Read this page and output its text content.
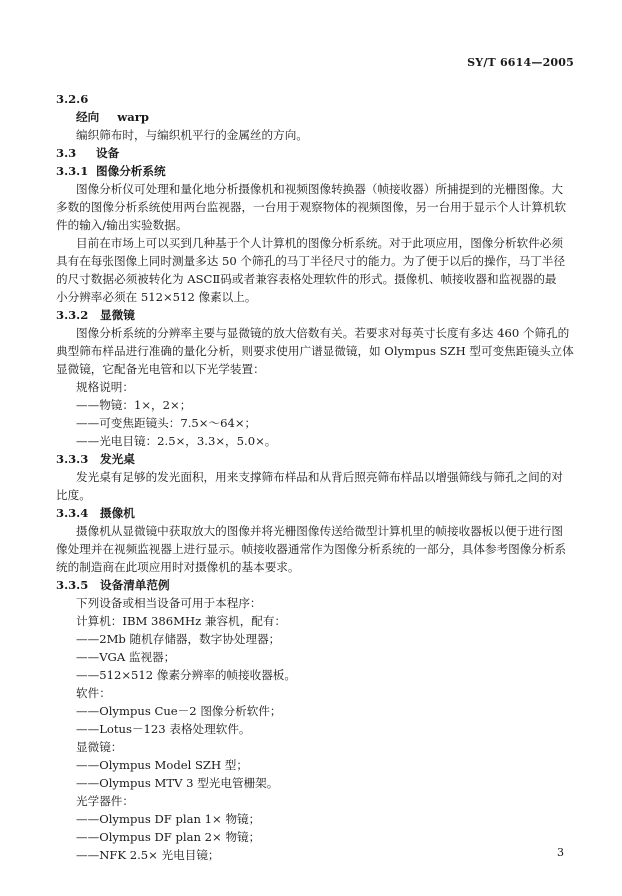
SY/T 6614—2005
3.2.6
经向 warp
编织筛布时，与编织机平行的金属丝的方向。
3.3 设备
3.3.1 图像分析系统
图像分析仪可处理和量化地分析摄像机和视频图像转换器（帧接收器）所捕提到的光栅图像。大
多数的图像分析系统使用两台监视器，一台用于观察物体的视频图像，另一台用于显示个人计算机软
件的输入/输出实验数据。
目前在市场上可以买到几种基于个人计算机的图像分析系统。对于此项应用，图像分析软件必须
具有在每张图像上同时测量多达 50 个筛孔的马丁半径尺寸的能力。为了便于以后的操作，马丁半径
的尺寸数据必须被转化为 ASCⅡ码或者兼容表格处理软件的形式。摄像机、帧接收器和监视器的最
小分辨率必须在 512×512 像素以上。
3.3.2 显微镜
图像分析系统的分辨率主要与显微镜的放大倍数有关。若要求对每英寸长度有多达 460 个筛孔的
典型筛布样品进行准确的量化分析，则要求使用广谱显微镜，如 Olympus SZH 型可变焦距镜头立体
显微镜，它配备光电管和以下光学装置：
规格说明：
——物镜：1×，2×；
——可变焦距镜头：7.5×～64×；
——光电目镜：2.5×，3.3×，5.0×。
3.3.3 发光桌
发光桌有足够的发光面积，用来支撑筛布样品和从背后照亮筛布样品以增强筛线与筛孔之间的对
比度。
3.3.4 摄像机
摄像机从显微镜中获取放大的图像并将光栅图像传送给微型计算机里的帧接收器板以便于进行图
像处理并在视频监视器上进行显示。帧接收器通常作为图像分析系统的一部分，具体参考图像分析系
统的制造商在此项应用时对摄像机的基本要求。
3.3.5 设备清单范例
下列设备或相当设备可用于本程序：
计算机：IBM 386MHz 兼容机，配有：
——2Mb 随机存储器，数字协处理器；
——VGA 监视器；
——512×512 像素分辨率的帧接收器板。
软件：
——Olympus Cue－2 图像分析软件；
——Lotus－123 表格处理软件。
显微镜：
——Olympus Model SZH 型；
——Olympus MTV 3 型光电管栅架。
光学器件：
——Olympus DF plan 1× 物镜；
——Olympus DF plan 2× 物镜；
——NFK 2.5× 光电目镜；	3
